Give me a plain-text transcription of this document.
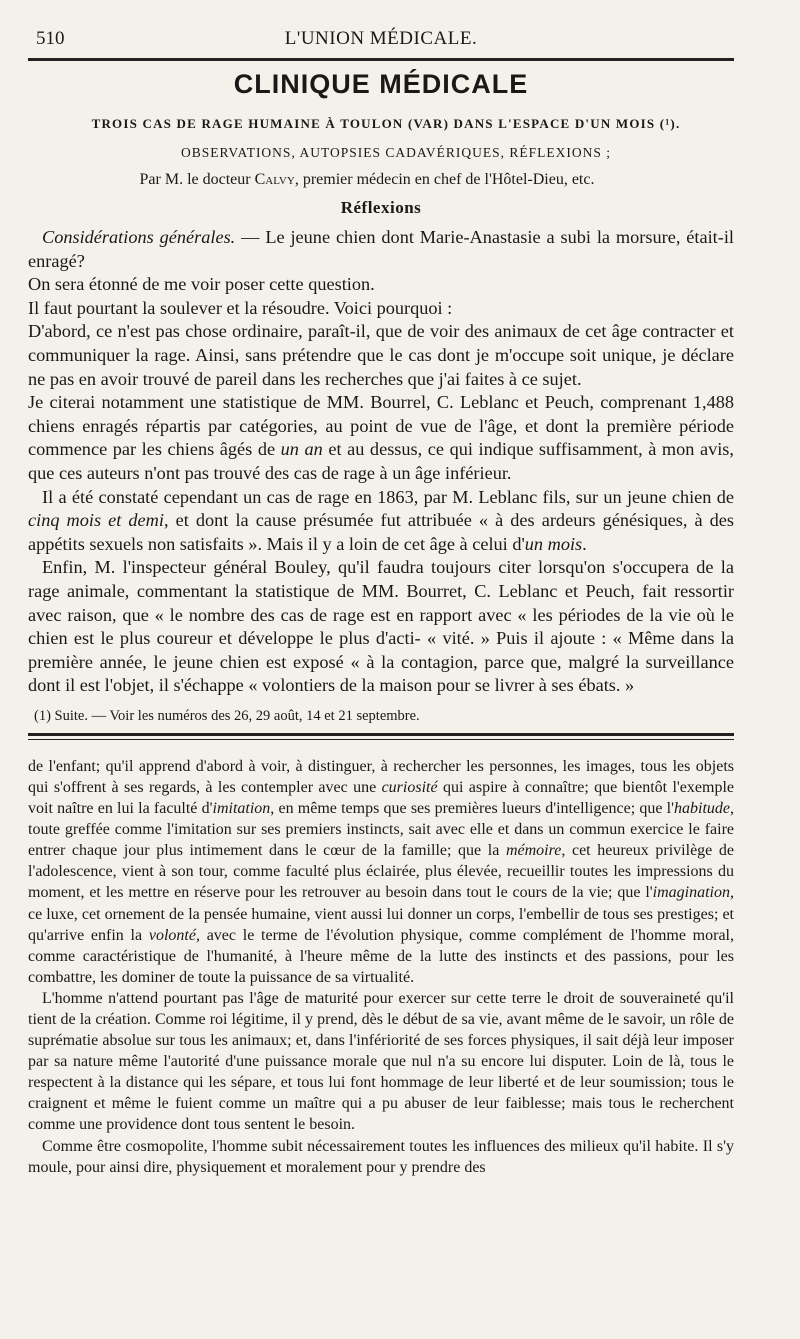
510	L'UNION MÉDICALE.
CLINIQUE MÉDICALE
TROIS CAS DE RAGE HUMAINE À TOULON (VAR) DANS L'ESPACE D'UN MOIS (¹).
OBSERVATIONS, AUTOPSIES CADAVÉRIQUES, RÉFLEXIONS ;
Par M. le docteur Calvy, premier médecin en chef de l'Hôtel-Dieu, etc.
Réflexions

Considérations générales. — Le jeune chien dont Marie-Anastasie a subi la morsure, était-il enragé?

On sera étonné de me voir poser cette question.

Il faut pourtant la soulever et la résoudre. Voici pourquoi :

D'abord, ce n'est pas chose ordinaire, paraît-il, que de voir des animaux de cet âge contracter et communiquer la rage. Ainsi, sans prétendre que le cas dont je m'occupe soit unique, je déclare ne pas en avoir trouvé de pareil dans les recherches que j'ai faites à ce sujet.

Je citerai notamment une statistique de MM. Bourrel, C. Leblanc et Peuch, comprenant 1,488 chiens enragés répartis par catégories, au point de vue de l'âge, et dont la première période commence par les chiens âgés de un an et au dessus, ce qui indique suffisamment, à mon avis, que ces auteurs n'ont pas trouvé des cas de rage à un âge inférieur.

Il a été constaté cependant un cas de rage en 1863, par M. Leblanc fils, sur un jeune chien de cinq mois et demi, et dont la cause présumée fut attribuée « à des ardeurs génésiques, à des appétits sexuels non satisfaits ». Mais il y a loin de cet âge à celui d'un mois.

Enfin, M. l'inspecteur général Bouley, qu'il faudra toujours citer lorsqu'on s'occupera de la rage animale, commentant la statistique de MM. Bourret, C. Leblanc et Peuch, fait ressortir avec raison, que « le nombre des cas de rage est en rapport avec « les périodes de la vie où le chien est le plus coureur et développe le plus d'acti- « vité. » Puis il ajoute : « Même dans la première année, le jeune chien est exposé « à la contagion, parce que, malgré la surveillance dont il est l'objet, il s'échappe « volontiers de la maison pour se livrer à ses ébats. »

(1) Suite. — Voir les numéros des 26, 29 août, 14 et 21 septembre.

de l'enfant; qu'il apprend d'abord à voir, à distinguer, à rechercher les personnes, les images, tous les objets qui s'offrent à ses regards, à les contempler avec une curiosité qui aspire à connaître; que bientôt l'exemple voit naître en lui la faculté d'imitation, en même temps que ses premières lueurs d'intelligence; que l'habitude, toute greffée comme l'imitation sur ses premiers instincts, sait avec elle et dans un commun exercice le faire entrer chaque jour plus intimement dans le cœur de la famille; que la mémoire, cet heureux privilège de l'adolescence, vient à son tour, comme faculté plus éclairée, plus élevée, recueillir toutes les impressions du moment, et les mettre en réserve pour les retrouver au besoin dans tout le cours de la vie; que l'imagination, ce luxe, cet ornement de la pensée humaine, vient aussi lui donner un corps, l'embellir de tous ses prestiges; et qu'arrive enfin la volonté, avec le terme de l'évolution physique, comme complément de l'homme moral, comme caractéristique de l'humanité, à l'heure même de la lutte des instincts et des passions, pour les combattre, les dominer de toute la puissance de sa virtualité.

L'homme n'attend pourtant pas l'âge de maturité pour exercer sur cette terre le droit de souveraineté qu'il tient de la création. Comme roi légitime, il y prend, dès le début de sa vie, avant même de le savoir, un rôle de suprématie absolue sur tous les animaux; et, dans l'infériorité de ses forces physiques, il sait déjà leur imposer par sa nature même l'autorité d'une puissance morale que nul n'a su encore lui disputer. Loin de là, tous le respectent à la distance qui les sépare, et tous lui font hommage de leur liberté et de leur soumission; tous le craignent et même le fuient comme un maître qui a pu abuser de leur faiblesse; mais tous le recherchent comme une providence dont tous sentent le besoin.

Comme être cosmopolite, l'homme subit nécessairement toutes les influences des milieux qu'il habite. Il s'y moule, pour ainsi dire, physiquement et moralement pour y prendre des
